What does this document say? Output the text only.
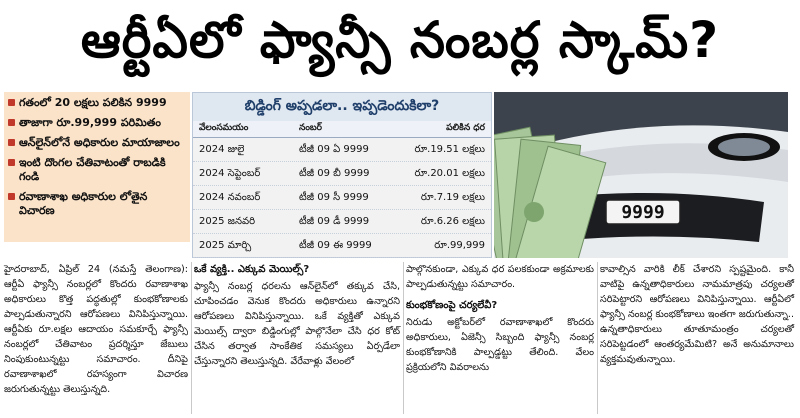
ఆర్టీఏలో ఫ్యాన్సీ నంబర్ల స్కామ్?
గతంలో 20 లక్షలు పలికిన 9999
తాజాగా రూ.99,999 పరిమితం
ఆన్‌లైన్‌లోనే అధికారుల మాయాజాలం
ఇంటి దొంగల చేతివాటంతో రాబడికి గండి
రవాణాశాఖ అధికారుల లోతైన విచారణ
బిడ్డింగ్ అప్పడలా.. ఇప్పడెందుకిలా?
వేలంసమయం	నంబర్	పలికిన ధర
2024 జులై	టీజీ 09 ఏ 9999	రూ.19.51 లక్షలు
2024 సెప్టెంబర్	టీజీ 09 బీ 9999	రూ.20.01 లక్షలు
2024 నవంబర్	టీజీ 09 సీ 9999	రూ.7.19 లక్షలు
2025 జనవరి	టీజీ 09 డీ 9999	రూ.6.26 లక్షలు
2025 మార్చి	టీజీ 09 ఈ 9999	రూ.99,999
9999
హైదరాబాద్, ఏప్రిల్ 24 (నమస్తే తెలంగాణ): ఆర్టీఏ ఫ్యాన్సీ నంబర్లలో కొందరు రవాణాశాఖ అధికారులు కొత్త పద్ధతుల్లో కుంభకోణాలకు పాల్పడుతున్నారని ఆరోపణలు వినిపిస్తున్నాయి. ఆర్టీఏకు రూ.లక్షల ఆదాయం సమకూర్చే ఫ్యాన్సీ నంబర్లలో చేతివాటం ప్రదర్శిస్తూ జేబులు నింపుకుంటున్నట్టు సమాచారం. దీనిపై రవాణాశాఖలో రహస్యంగా విచారణ జరుగుతున్నట్టు తెలుస్తున్నది.
ఒకే వ్యక్తి.. ఎక్కువ మెయిల్స్?
ఫ్యాన్సీ నంబర్ల ధరలను ఆన్‌లైన్‌లో తక్కువ చేసి, చూపించడం వెనుక కొందరు అధికారులు ఉన్నారని ఆరోపణలు వినిపిస్తున్నాయి. ఒకే వ్యక్తితో ఎక్కువ మెయిల్స్ ద్వారా బిడ్డింగుల్లో పాల్గొనేలా చేసి ధర కోట్ చేసిన తర్వాత సాంకేతిక సమస్యలు ఏర్పడేలా చేస్తున్నారని తెలుస్తున్నది. వేరేవాళ్లు వేలంలో
పాల్గొనకుండా, ఎక్కువ ధర పలకకుండా అక్రమాలకు పాల్పడుతున్నట్టు సమాచారం.
కుంభకోణంపై చర్యలేవీ?
నిరుడు అక్టోబర్‌లో రవాణాశాఖలో కొందరు అధికారులు, ఏజెన్సీ సిబ్బంది ఫ్యాన్సీ నంబర్ల కుంభకోణానికి పాల్పడ్డట్టు తేలింది. వేలం ప్రక్రియలోని వివరాలను
కావాల్సిన వారికి లీక్ చేశారని స్పష్టమైంది. కానీ వాటిపై ఉన్నతాధికారులు నామమాత్రపు చర్యలతో సరిపెట్టారని ఆరోపణలు వినిపిస్తున్నాయి. ఆర్టీఏలో ఫ్యాన్సీ నంబర్ల కుంభకోణాలు ఇంతగా జరుగుతున్నా.. ఉన్నతాధికారులు తూతూమంత్రం చర్యలతో సరిపెట్టడంలో ఆంతర్యమేమిటి? అనే అనుమానాలు వ్యక్తమవుతున్నాయి.
